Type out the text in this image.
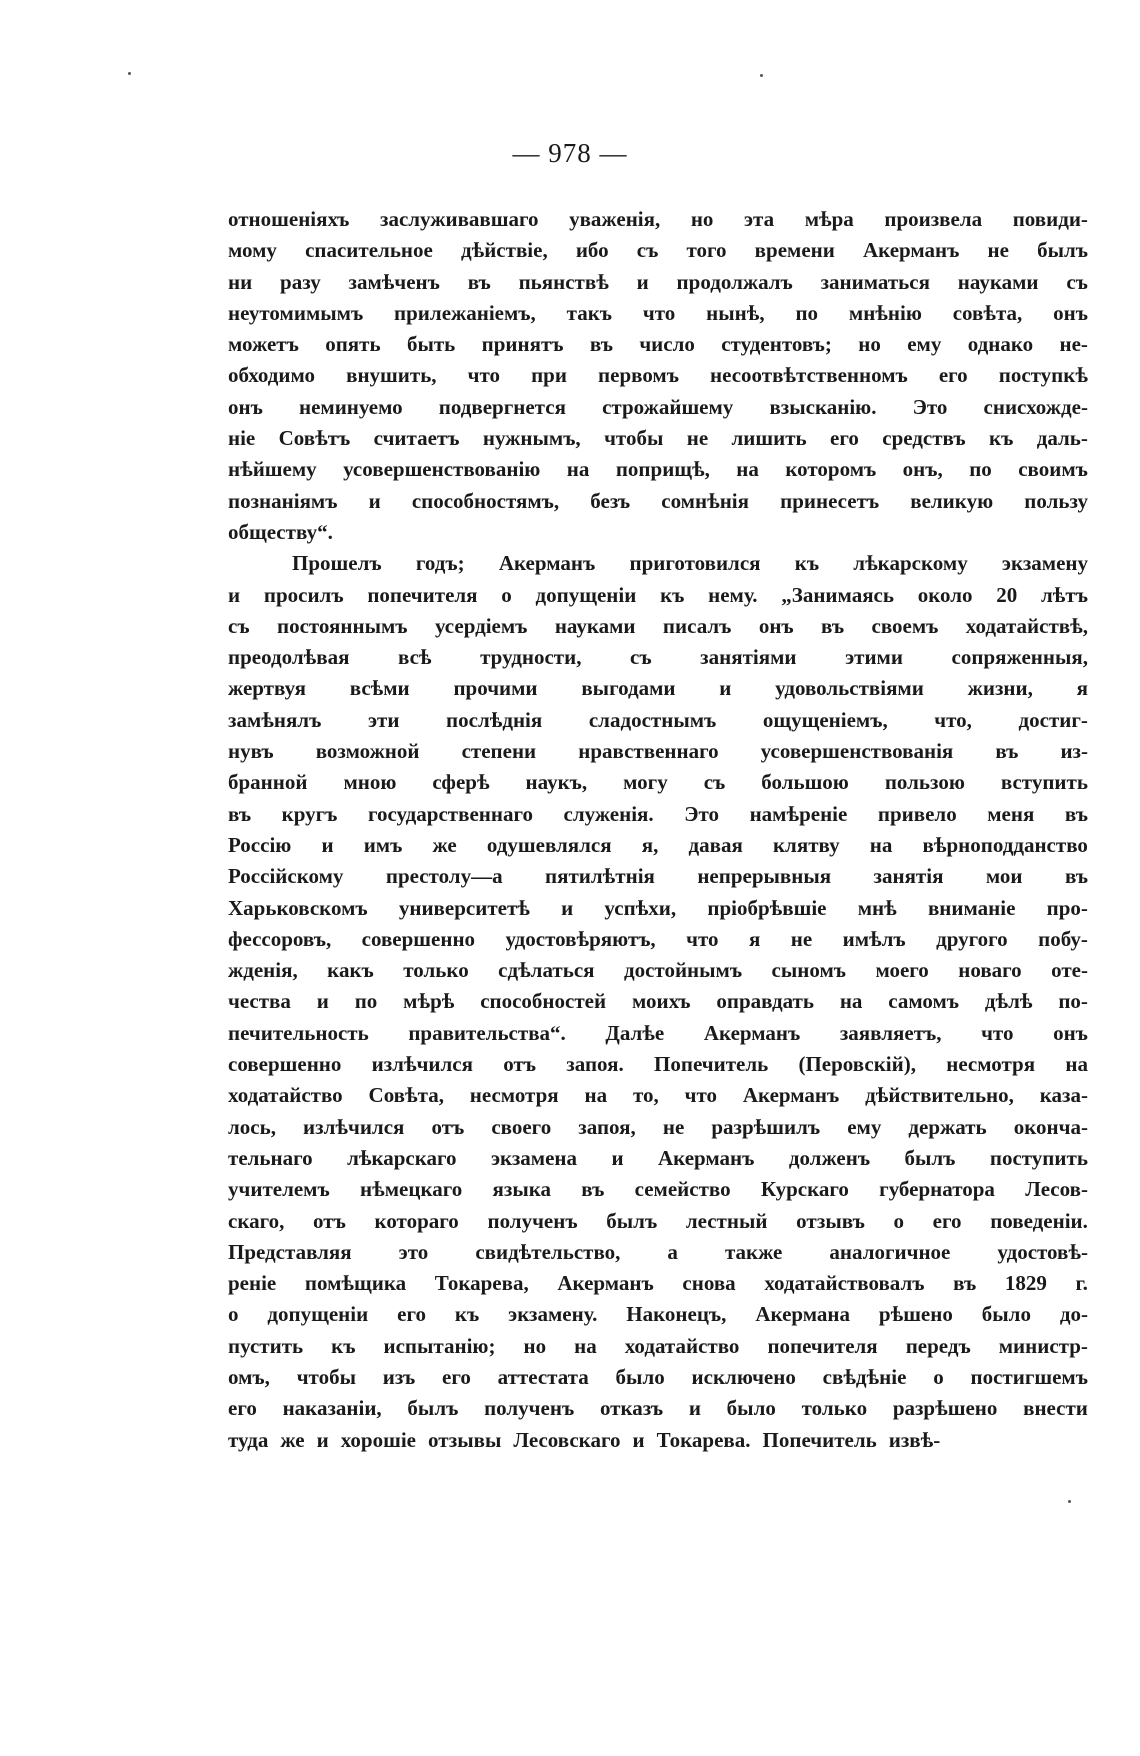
— 978 —
отношеніяхъ заслуживавшаго уваженія, но эта мѣра произвела повиди-
мому спасительное дѣйствіе, ибо съ того времени Акерманъ не былъ
ни разу замѣченъ въ пьянствѣ и продолжалъ заниматься науками съ
неутомимымъ прилежаніемъ, такъ что нынѣ, по мнѣнію совѣта, онъ
можетъ опять быть принятъ въ число студентовъ; но ему однако не-
обходимо внушить, что при первомъ несоотвѣтственномъ его поступкѣ
онъ неминуемо подвергнется строжайшему взысканію. Это снисхожде-
ніе Совѣтъ считаетъ нужнымъ, чтобы не лишить его средствъ къ даль-
нѣйшему усовершенствованію на поприщѣ, на которомъ онъ, по своимъ
познаніямъ и способностямъ, безъ сомнѣнія принесетъ великую пользу
обществу“.
Прошелъ годъ; Акерманъ приготовился къ лѣкарскому экзамену
и просилъ попечителя о допущеніи къ нему. „Занимаясь около 20 лѣтъ
съ постояннымъ усердіемъ науками писалъ онъ въ своемъ ходатайствѣ,
преодолѣвая всѣ трудности, съ занятіями этими сопряженныя,
жертвуя всѣми прочими выгодами и удовольствіями жизни, я
замѣнялъ эти послѣднія сладостнымъ ощущеніемъ, что, достиг-
нувъ возможной степени нравственнаго усовершенствованія въ из-
бранной мною сферѣ наукъ, могу съ большою пользою вступить
въ кругъ государственнаго служенія. Это намѣреніе привело меня въ
Россію и имъ же одушевлялся я, давая клятву на вѣрноподданство
Россійскому престолу—а пятилѣтнія непрерывныя занятія мои въ
Харьковскомъ университетѣ и успѣхи, пріобрѣвшіе мнѣ вниманіе про-
фессоровъ, совершенно удостовѣряютъ, что я не имѣлъ другого побу-
жденія, какъ только сдѣлаться достойнымъ сыномъ моего новаго оте-
чества и по мѣрѣ способностей моихъ оправдать на самомъ дѣлѣ по-
печительность правительства“. Далѣе Акерманъ заявляетъ, что онъ
совершенно излѣчился отъ запоя. Попечитель (Перовскій), несмотря на
ходатайство Совѣта, несмотря на то, что Акерманъ дѣйствительно, каза-
лось, излѣчился отъ своего запоя, не разрѣшилъ ему держать оконча-
тельнаго лѣкарскаго экзамена и Акерманъ долженъ былъ поступить
учителемъ нѣмецкаго языка въ семейство Курскаго губернатора Лесов-
скаго, отъ котораго полученъ былъ лестный отзывъ о его поведеніи.
Представляя это свидѣтельство, а также аналогичное удостовѣ-
реніе помѣщика Токарева, Акерманъ снова ходатайствовалъ въ 1829 г.
о допущеніи его къ экзамену. Наконецъ, Акермана рѣшено было до-
пустить къ испытанію; но на ходатайство попечителя передъ министр-
омъ, чтобы изъ его аттестата было исключено свѣдѣніе о постигшемъ
его наказаніи, былъ полученъ отказъ и было только разрѣшено внести
туда же и хорошіе отзывы Лесовскаго и Токарева. Попечитель извѣ-
